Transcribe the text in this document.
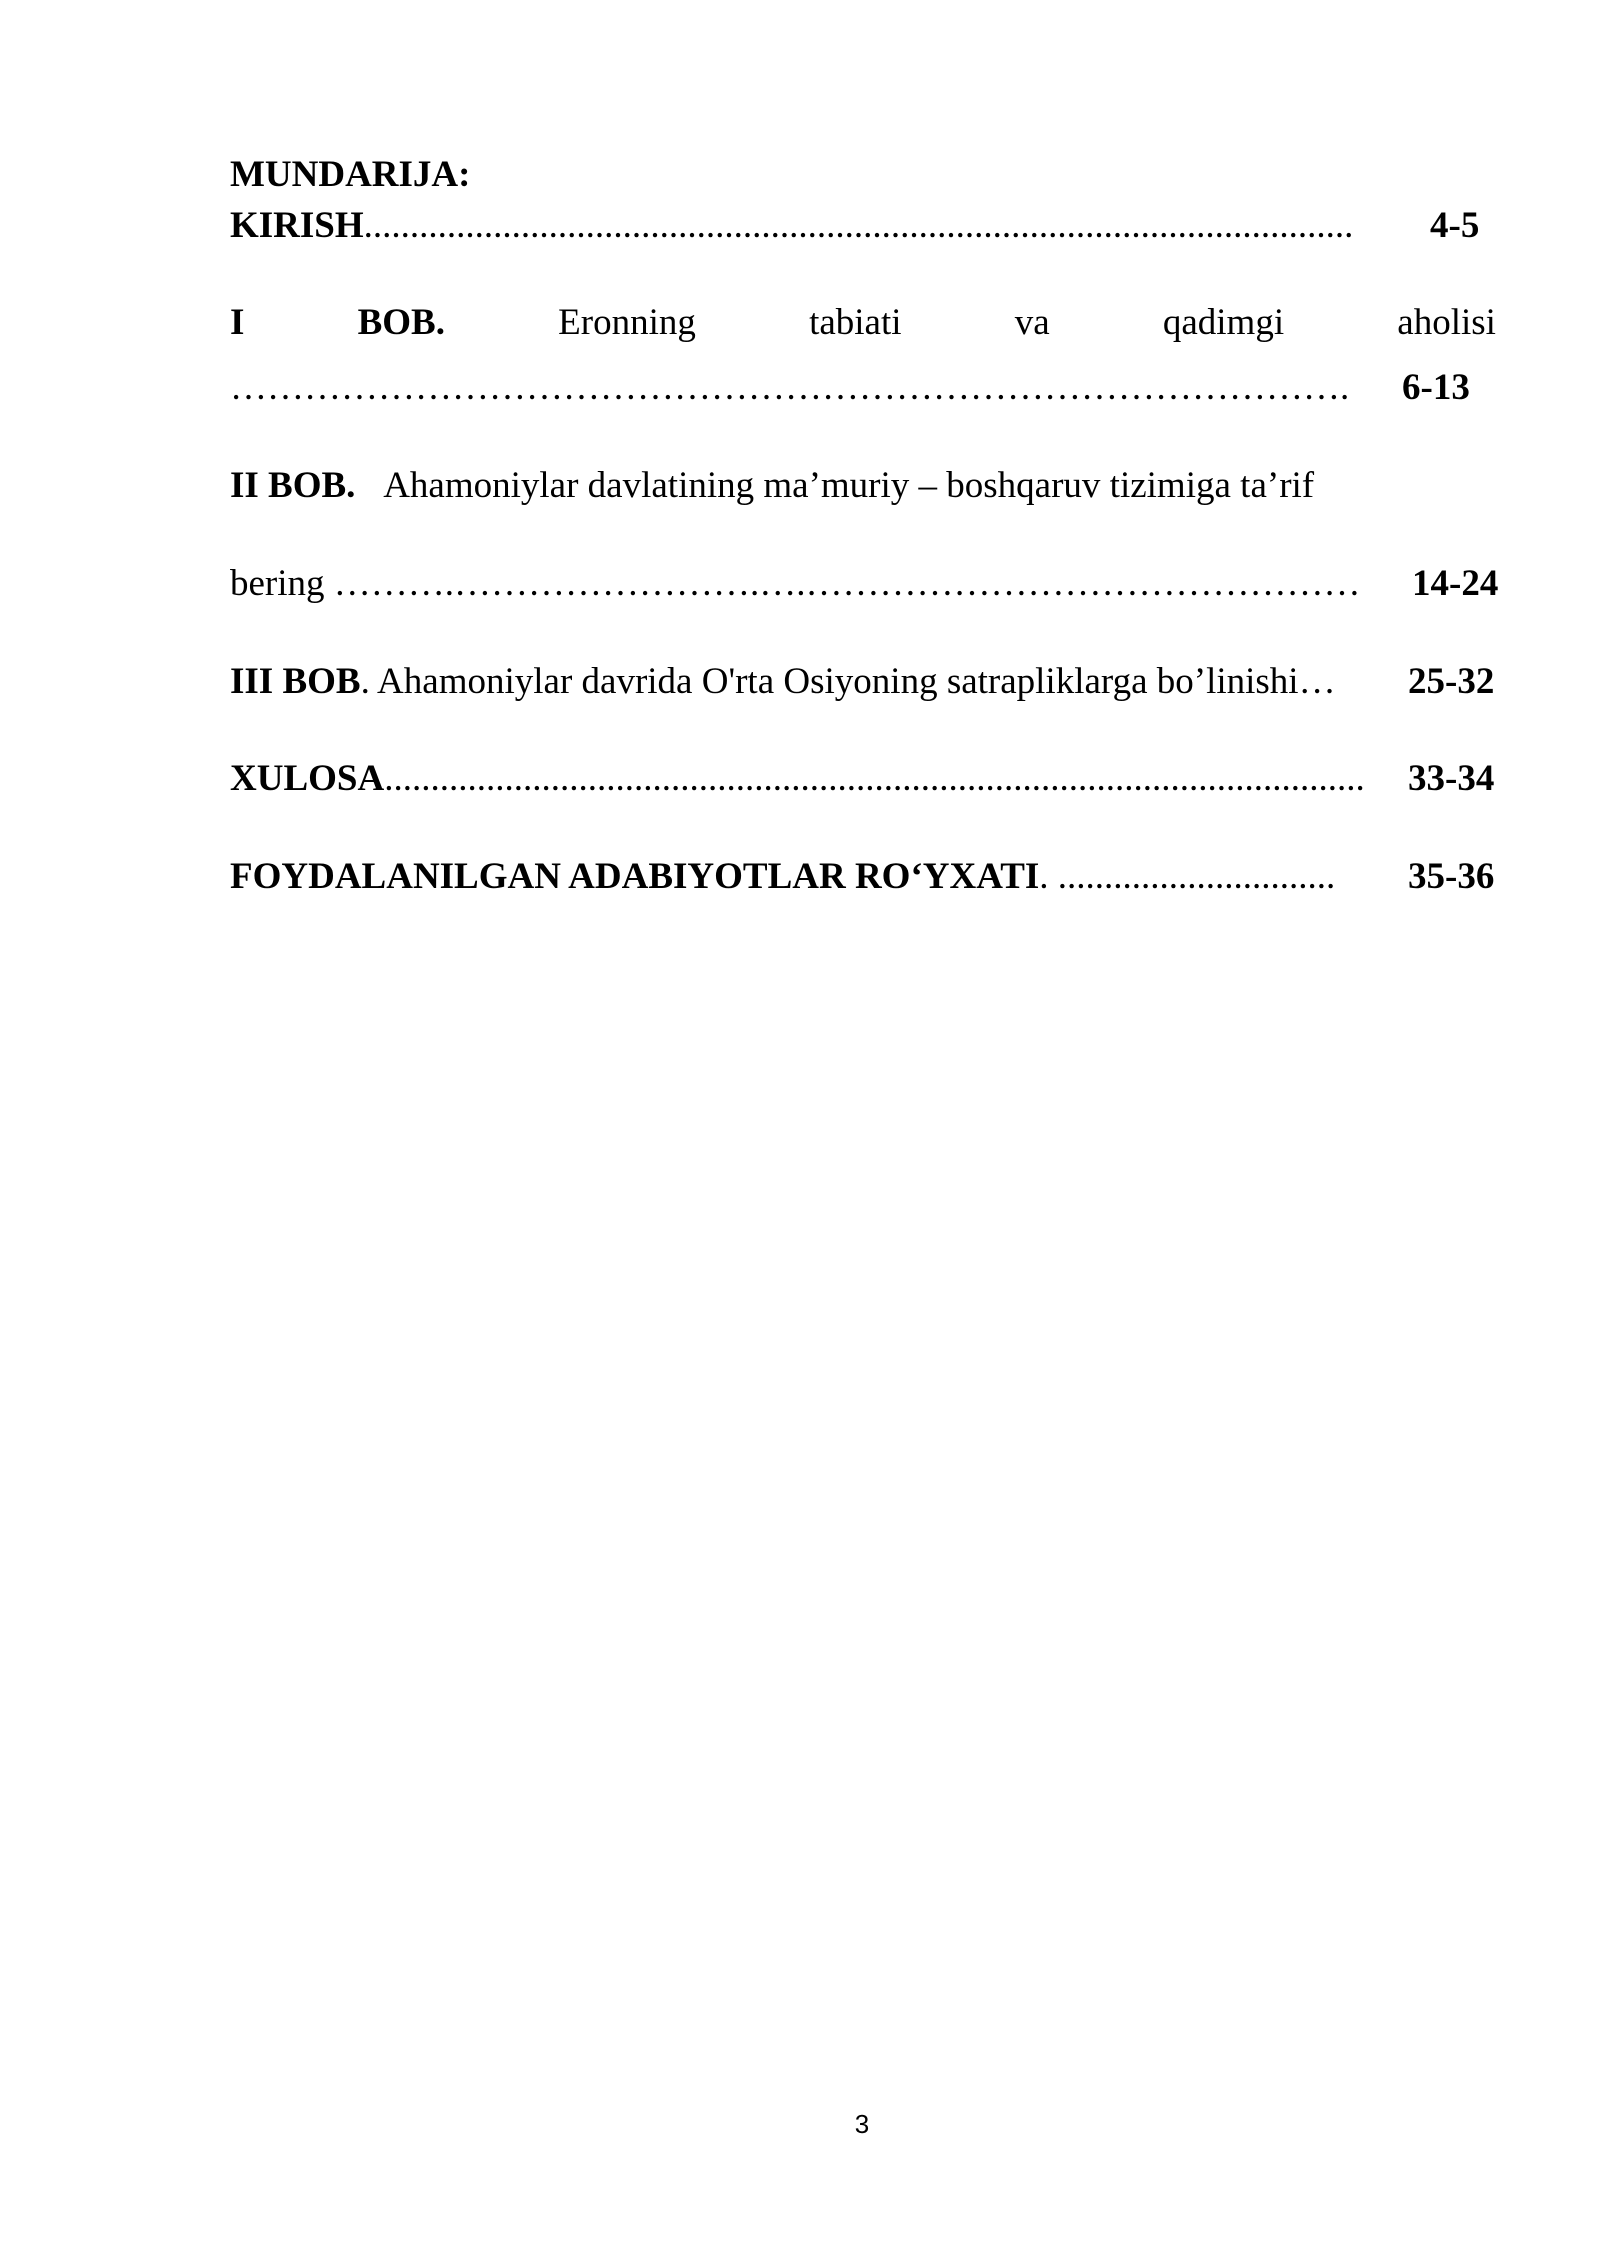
MUNDARIJA:
KIRISH...........................................................................................................	4-5
I	BOB.	Eronning	tabiati	va	qadimgi	aholisi
……………………………………………………………………………….	6-13
II BOB. Ahamoniylar davlatining ma’muriy – boshqaruv tizimiga ta’rif
bering ……….…………………….….………………………………………	14-24
III BOB. Ahamoniylar davrida O'rta Osiyoning satrapliklarga bo’linishi…	25-32
XULOSA.......................................................................................................... 33-34
FOYDALANILGAN ADABIYOTLAR RO‘YXATI. ..............................	35-36
3
